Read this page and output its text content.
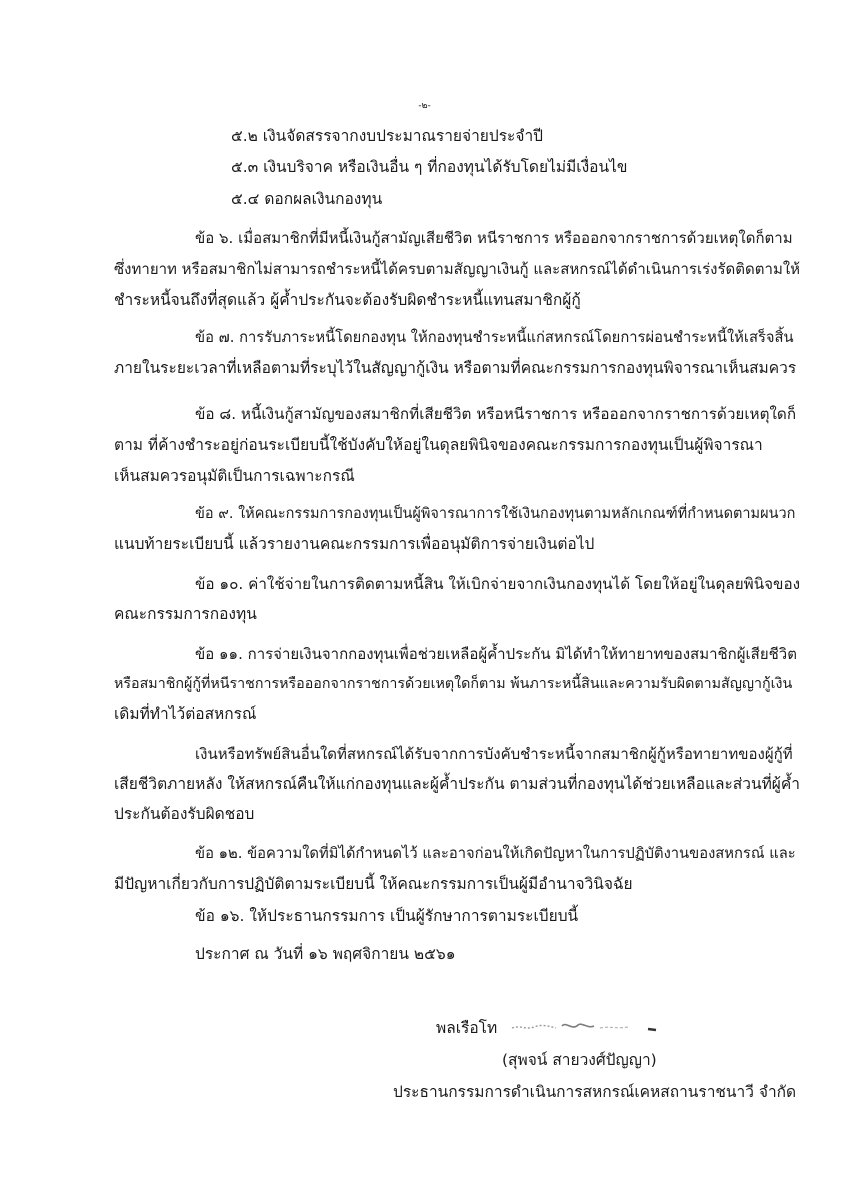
-๒-
๕.๒ เงินจัดสรรจากงบประมาณรายจ่ายประจำปี
๕.๓ เงินบริจาค หรือเงินอื่น ๆ ที่กองทุนได้รับโดยไม่มีเงื่อนไข
๕.๔ ดอกผลเงินกองทุน
ข้อ ๖. เมื่อสมาชิกที่มีหนี้เงินกู้สามัญเสียชีวิต หนีราชการ หรือออกจากราชการด้วยเหตุใดก็ตาม
ซึ่งทายาท หรือสมาชิกไม่สามารถชำระหนี้ได้ครบตามสัญญาเงินกู้ และสหกรณ์ได้ดำเนินการเร่งรัดติดตามให้
ชำระหนี้จนถึงที่สุดแล้ว ผู้ค้ำประกันจะต้องรับผิดชำระหนี้แทนสมาชิกผู้กู้
ข้อ ๗. การรับภาระหนี้โดยกองทุน ให้กองทุนชำระหนี้แก่สหกรณ์โดยการผ่อนชำระหนี้ให้เสร็จสิ้น
ภายในระยะเวลาที่เหลือตามที่ระบุไว้ในสัญญากู้เงิน หรือตามที่คณะกรรมการกองทุนพิจารณาเห็นสมควร
ข้อ ๘. หนี้เงินกู้สามัญของสมาชิกที่เสียชีวิต หรือหนีราชการ หรือออกจากราชการด้วยเหตุใดก็
ตาม ที่ค้างชำระอยู่ก่อนระเบียบนี้ใช้บังคับให้อยู่ในดุลยพินิจของคณะกรรมการกองทุนเป็นผู้พิจารณา
เห็นสมควรอนุมัติเป็นการเฉพาะกรณี
ข้อ ๙. ให้คณะกรรมการกองทุนเป็นผู้พิจารณาการใช้เงินกองทุนตามหลักเกณฑ์ที่กำหนดตามผนวก
แนบท้ายระเบียบนี้ แล้วรายงานคณะกรรมการเพื่ออนุมัติการจ่ายเงินต่อไป
ข้อ ๑๐. ค่าใช้จ่ายในการติดตามหนี้สิน ให้เบิกจ่ายจากเงินกองทุนได้ โดยให้อยู่ในดุลยพินิจของ
คณะกรรมการกองทุน
ข้อ ๑๑. การจ่ายเงินจากกองทุนเพื่อช่วยเหลือผู้ค้ำประกัน มิได้ทำให้ทายาทของสมาชิกผู้เสียชีวิต
หรือสมาชิกผู้กู้ที่หนีราชการหรือออกจากราชการด้วยเหตุใดก็ตาม พ้นภาระหนี้สินและความรับผิดตามสัญญากู้เงิน
เดิมที่ทำไว้ต่อสหกรณ์
เงินหรือทรัพย์สินอื่นใดที่สหกรณ์ได้รับจากการบังคับชำระหนี้จากสมาชิกผู้กู้หรือทายาทของผู้กู้ที่
เสียชีวิตภายหลัง ให้สหกรณ์คืนให้แก่กองทุนและผู้ค้ำประกัน ตามส่วนที่กองทุนได้ช่วยเหลือและส่วนที่ผู้ค้ำ
ประกันต้องรับผิดชอบ
ข้อ ๑๒. ข้อความใดที่มิได้กำหนดไว้ และอาจก่อนให้เกิดปัญหาในการปฏิบัติงานของสหกรณ์ และ
มีปัญหาเกี่ยวกับการปฏิบัติตามระเบียบนี้ ให้คณะกรรมการเป็นผู้มีอำนาจวินิจฉัย
ข้อ ๑๖. ให้ประธานกรรมการ เป็นผู้รักษาการตามระเบียบนี้
ประกาศ ณ วันที่ ๑๖ พฤศจิกายน ๒๕๖๑
พลเรือโท
(สุพจน์ สายวงศ์ปัญญา)
ประธานกรรมการดำเนินการสหกรณ์เคหสถานราชนาวี จำกัด
